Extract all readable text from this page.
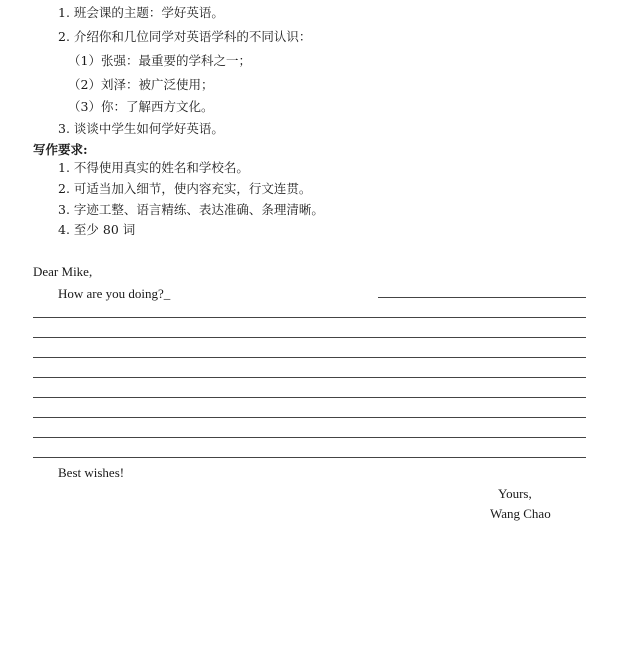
1. 班会课的主题：学好英语。
2. 介绍你和几位同学对英语学科的不同认识：
（1）张强：最重要的学科之一；
（2）刘泽：被广泛使用；
（3）你：了解西方文化。
3. 谈谈中学生如何学好英语。
写作要求:
1. 不得使用真实的姓名和学校名。
2. 可适当加入细节，使内容充实，行文连贯。
3. 字迹工整、语言精练、表达准确、条理清晰。
4. 至少 80 词
Dear Mike,
How are you doing?_
Best wishes!
Yours,
Wang Chao
